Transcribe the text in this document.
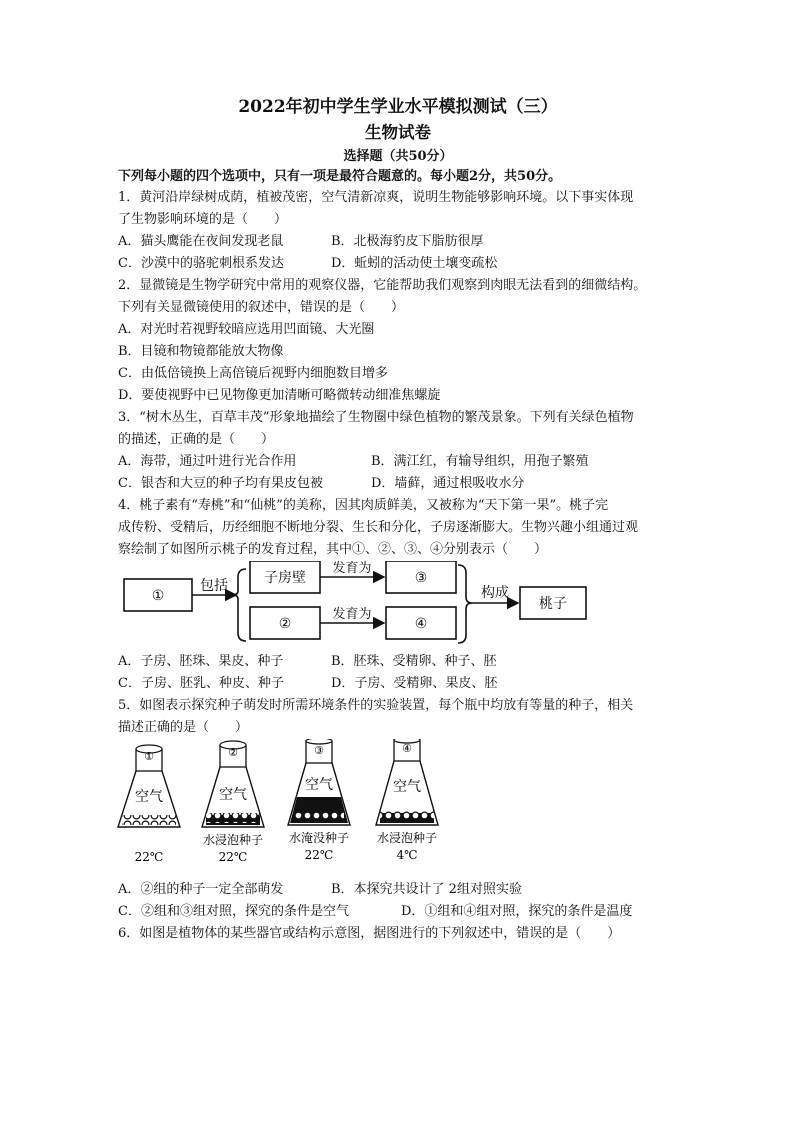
2022年初中学生学业水平模拟测试（三）
生物试卷
选择题（共50分）
下列每小题的四个选项中，只有一项是最符合题意的。每小题2分，共50分。

1．黄河沿岸绿树成荫，植被茂密，空气清新凉爽，说明生物能够影响环境。以下事实体现

了生物影响环境的是（　　）

A．猫头鹰能在夜间发现老鼠	B．北极海豹皮下脂肪很厚
C．沙漠中的骆驼刺根系发达	D．蚯蚓的活动使土壤变疏松

2．显微镜是生物学研究中常用的观察仪器，它能帮助我们观察到肉眼无法看到的细微结构。

下列有关显微镜使用的叙述中，错误的是（　　）

A．对光时若视野较暗应选用凹面镜、大光圈

B．目镜和物镜都能放大物像

C．由低倍镜换上高倍镜后视野内细胞数目增多

D．要使视野中已见物像更加清晰可略微转动细准焦螺旋

3．“树木丛生，百草丰茂”形象地描绘了生物圈中绿色植物的繁茂景象。下列有关绿色植物

的描述，正确的是（　　）

A．海带，通过叶进行光合作用	B．满江红，有输导组织，用孢子繁殖
C．银杏和大豆的种子均有果皮包被	D．墙藓，通过根吸收水分

4．桃子素有“寿桃”和“仙桃”的美称，因其肉质鲜美，又被称为“天下第一果”。桃子完

成传粉、受精后，历经细胞不断地分裂、生长和分化，子房逐渐膨大。生物兴趣小组通过观

察绘制了如图所示桃子的发育过程，其中①、②、③、④分别表示（　　）

①
包括	子房壁
发育为
③
②
发育为
④
构成
桃子
A．子房、胚珠、果皮、种子	B．胚珠、受精卵、种子、胚
C．子房、胚乳、种皮、种子	D．子房、受精卵、果皮、胚

5．如图表示探究种子萌发时所需环境条件的实验装置，每个瓶中均放有等量的种子，相关

描述正确的是（　　）

①
空气
22℃
②
空气
水浸泡种子
22℃
③
空气
水淹没种子
22℃
④
空气
水浸泡种子
4℃
A．②组的种子一定全部萌发	B．本探究共设计了 2组对照实验
C．②组和③组对照，探究的条件是空气	D．①组和④组对照，探究的条件是温度

6．如图是植物体的某些器官或结构示意图，据图进行的下列叙述中，错误的是（　　）
